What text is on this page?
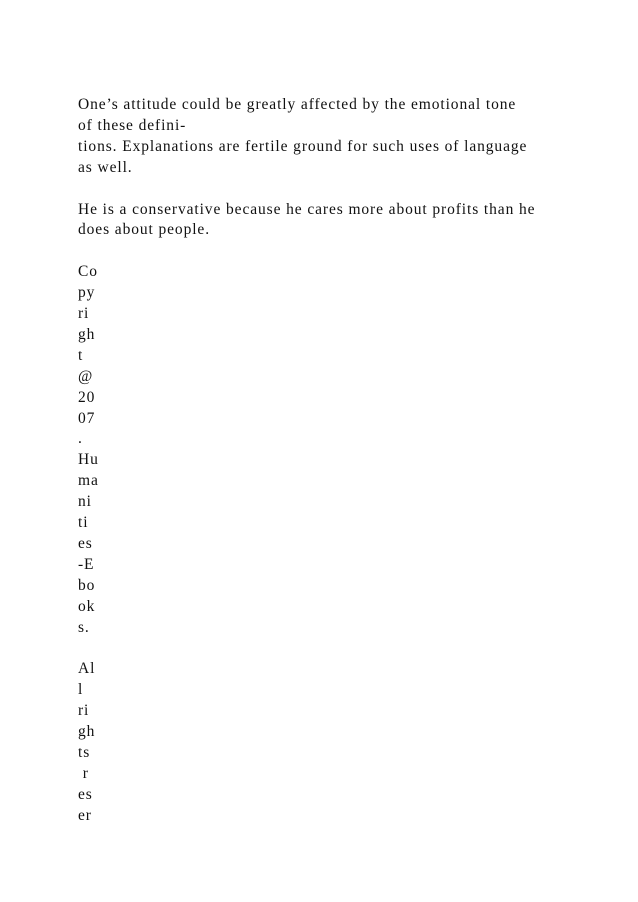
One’s attitude could be greatly affected by the emotional tone
of these defini-
tions. Explanations are fertile ground for such uses of language
as well.
He is a conservative because he cares more about profits than he
does about people.
Co
py
ri
gh
t
@
20
07
.
Hu
ma
ni
ti
es
-E
bo
ok
s.
Al
l
ri
gh
ts
r
es
er
